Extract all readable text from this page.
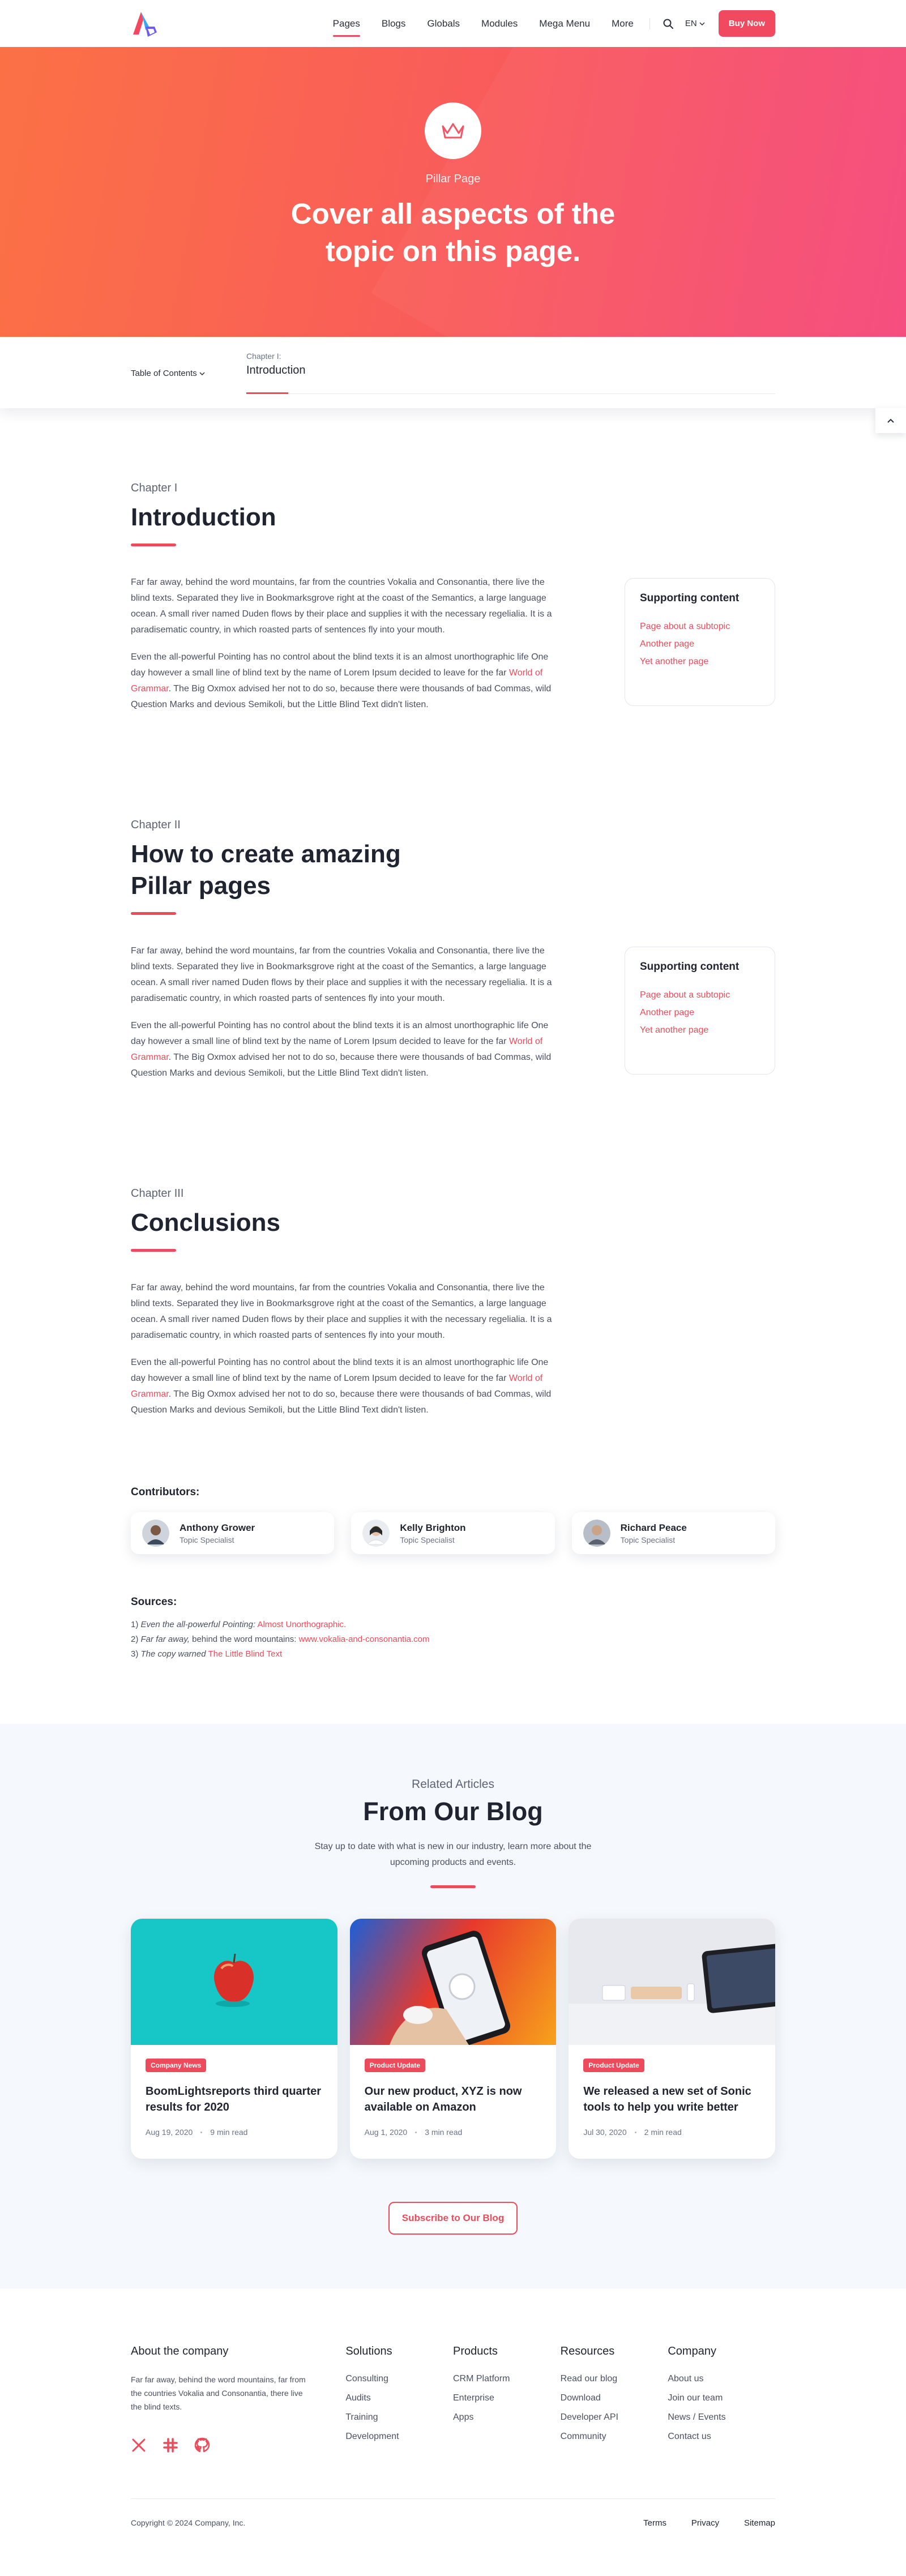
Pages Blogs Globals Modules Mega Menu More	EN	Buy Now
Pillar Page
Cover all aspects of the topic on this page.
Table of Contents
Chapter I:
Introduction
Chapter I
Introduction

Far far away, behind the word mountains, far from the countries Vokalia and Consonantia, there live the blind texts. Separated they live in Bookmarksgrove right at the coast of the Semantics, a large language ocean. A small river named Duden flows by their place and supplies it with the necessary regelialia. It is a paradisematic country, in which roasted parts of sentences fly into your mouth.

Even the all-powerful Pointing has no control about the blind texts it is an almost unorthographic life One day however a small line of blind text by the name of Lorem Ipsum decided to leave for the far World of Grammar. The Big Oxmox advised her not to do so, because there were thousands of bad Commas, wild Question Marks and devious Semikoli, but the Little Blind Text didn't listen.

Supporting content
Page about a subtopic
Another page
Yet another page
Chapter II
How to create amazing Pillar pages

Far far away, behind the word mountains, far from the countries Vokalia and Consonantia, there live the blind texts. Separated they live in Bookmarksgrove right at the coast of the Semantics, a large language ocean. A small river named Duden flows by their place and supplies it with the necessary regelialia. It is a paradisematic country, in which roasted parts of sentences fly into your mouth.

Even the all-powerful Pointing has no control about the blind texts it is an almost unorthographic life One day however a small line of blind text by the name of Lorem Ipsum decided to leave for the far World of Grammar. The Big Oxmox advised her not to do so, because there were thousands of bad Commas, wild Question Marks and devious Semikoli, but the Little Blind Text didn't listen.

Supporting content
Page about a subtopic
Another page
Yet another page
Chapter III
Conclusions

Far far away, behind the word mountains, far from the countries Vokalia and Consonantia, there live the blind texts. Separated they live in Bookmarksgrove right at the coast of the Semantics, a large language ocean. A small river named Duden flows by their place and supplies it with the necessary regelialia. It is a paradisematic country, in which roasted parts of sentences fly into your mouth.

Even the all-powerful Pointing has no control about the blind texts it is an almost unorthographic life One day however a small line of blind text by the name of Lorem Ipsum decided to leave for the far World of Grammar. The Big Oxmox advised her not to do so, because there were thousands of bad Commas, wild Question Marks and devious Semikoli, but the Little Blind Text didn't listen.

Contributors:
Anthony Grower
Topic Specialist
Kelly Brighton
Topic Specialist
Richard Peace
Topic Specialist
Sources:
1) Even the all-powerful Pointing: Almost Unorthographic.
2) Far far away, behind the word mountains: www.vokalia-and-consonantia.com
3) The copy warned The Little Blind Text
Related Articles
From Our Blog

Stay up to date with what is new in our industry, learn more about the upcoming products and events.

Company News
BoomLightsreports third quarter results for 2020
Aug 19, 2020 9 min read
Product Update
Our new product, XYZ is now available on Amazon
Aug 1, 2020 3 min read
Product Update
We released a new set of Sonic tools to help you write better
Jul 30, 2020 2 min read
Subscribe to Our Blog
About the company

Far far away, behind the word mountains, far from the countries Vokalia and Consonantia, there live the blind texts.

Solutions
Consulting
Audits
Training
Development
Products
CRM Platform
Enterprise
Apps
Resources
Read our blog
Download
Developer API
Community
Company
About us
Join our team
News / Events
Contact us
Copyright © 2024 Company, Inc.	Terms	Privacy	Sitemap
